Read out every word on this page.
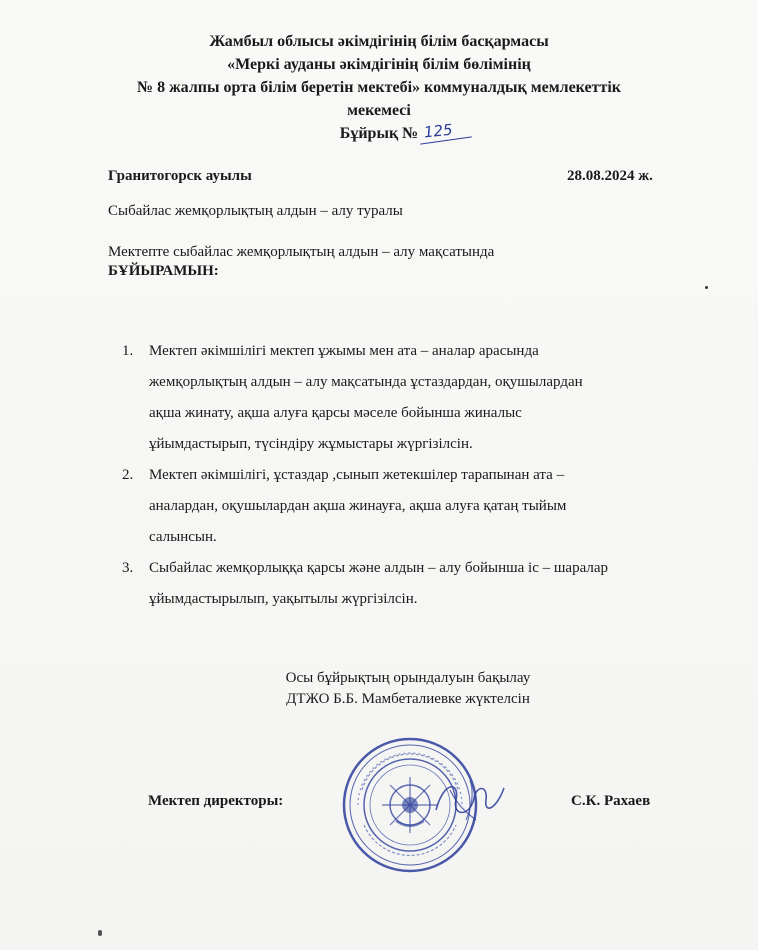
Жамбыл облысы әкімдігінің білім басқармасы
«Меркі ауданы әкімдігінің білім бөлімінің
№ 8 жалпы орта білім беретін мектебі» коммуналдық мемлекеттік
мекемесі
Бұйрық № 125
Гранитогорск ауылы	28.08.2024 ж.
Сыбайлас жемқорлықтың алдын – алу туралы
Мектепте сыбайлас жемқорлықтың алдын – алу мақсатында
БҰЙЫРАМЫН:
1.	Мектеп әкімшілігі мектеп ұжымы мен ата – аналар арасында
жемқорлықтың алдын – алу мақсатында ұстаздардан, оқушылардан
ақша жинату, ақша алуға қарсы мәселе бойынша жиналыс
ұйымдастырып, түсіндіру жұмыстары жүргізілсін.
2.	Мектеп әкімшілігі, ұстаздар ,сынып жетекшілер тарапынан ата –
аналардан, оқушылардан ақша жинауға, ақша алуға қатаң тыйым
салынсын.
3.	Сыбайлас жемқорлыққа қарсы және алдын – алу бойынша іс – шаралар
ұйымдастырылып, уақытылы жүргізілсін.
Осы бұйрықтың орындалуын бақылау
ДТЖО Б.Б. Мамбеталиевке жүктелсін
Мектеп директоры:	С.К. Рахаев
